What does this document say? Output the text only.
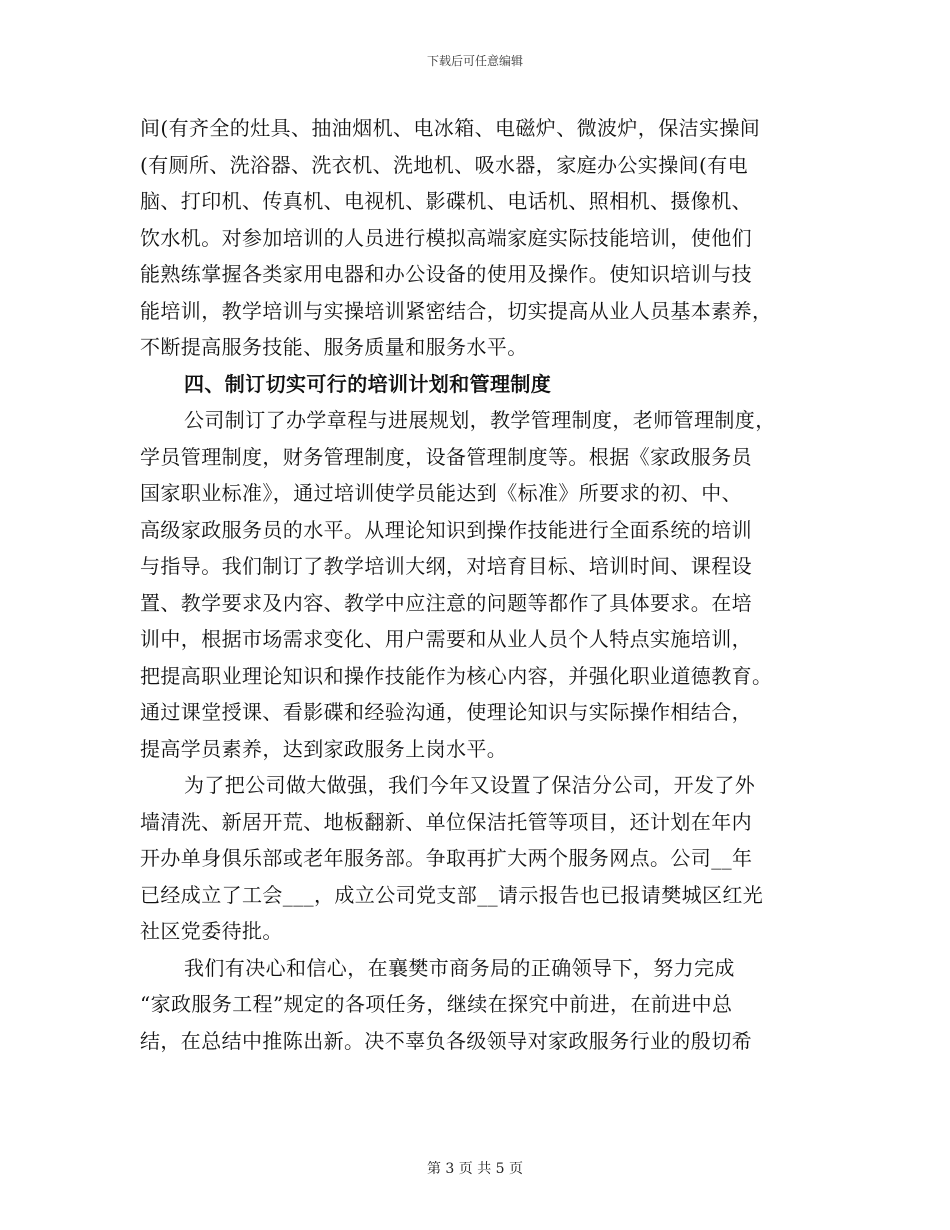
下载后可任意编辑
间(有齐全的灶具、抽油烟机、电冰箱、电磁炉、微波炉，保洁实操间
(有厕所、洗浴器、洗衣机、洗地机、吸水器，家庭办公实操间(有电
脑、打印机、传真机、电视机、影碟机、电话机、照相机、摄像机、
饮水机。对参加培训的人员进行模拟高端家庭实际技能培训，使他们
能熟练掌握各类家用电器和办公设备的使用及操作。使知识培训与技
能培训，教学培训与实操培训紧密结合，切实提高从业人员基本素养，
不断提高服务技能、服务质量和服务水平。
四、制订切实可行的培训计划和管理制度
公司制订了办学章程与进展规划，教学管理制度，老师管理制度，
学员管理制度，财务管理制度，设备管理制度等。根据《家政服务员
国家职业标准》，通过培训使学员能达到《标准》所要求的初、中、
高级家政服务员的水平。从理论知识到操作技能进行全面系统的培训
与指导。我们制订了教学培训大纲，对培育目标、培训时间、课程设
置、教学要求及内容、教学中应注意的问题等都作了具体要求。在培
训中，根据市场需求变化、用户需要和从业人员个人特点实施培训，
把提高职业理论知识和操作技能作为核心内容，并强化职业道德教育。
通过课堂授课、看影碟和经验沟通，使理论知识与实际操作相结合，
提高学员素养，达到家政服务上岗水平。
为了把公司做大做强，我们今年又设置了保洁分公司，开发了外
墙清洗、新居开荒、地板翻新、单位保洁托管等项目，还计划在年内
开办单身俱乐部或老年服务部。争取再扩大两个服务网点。公司__年
已经成立了工会___，成立公司党支部__请示报告也已报请樊城区红光
社区党委待批。
我们有决心和信心，在襄樊市商务局的正确领导下，努力完成
“家政服务工程”规定的各项任务，继续在探究中前进，在前进中总
结，在总结中推陈出新。决不辜负各级领导对家政服务行业的殷切希
第 3 页 共 5 页
